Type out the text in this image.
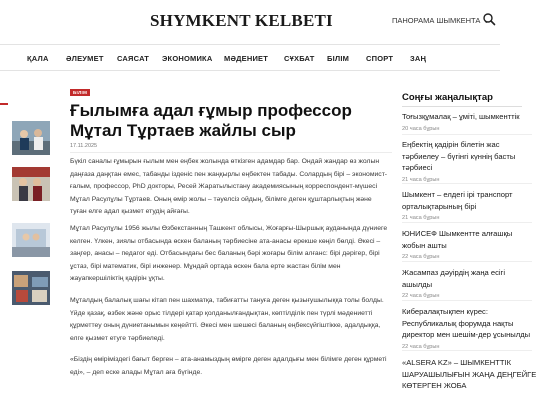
SHYMKENT KELBETI	ПАНОРАМА ШЫМКЕНТА ⌄
ҚАЛА ӘЛЕУМЕТ САЯСАТ ЭКОНОМИКА МӘДЕНИЕТ СҰХБАТ БІЛІМ СПОРТ ЗАҢ
БІЛІМ
Ғылымға адал ғұмыр профессор Мұтал Тұртаев жайлы сыр
17.11.2025

Бүкіл саналы ғұмырын ғылым мен еңбек жолында өткізген адамдар бар. Ондай жандар өз жолын даңғаза даңқтан емес, табанды ізденіс пен жаңқырлы еңбектен табады. Солардың бірі – экономист-ғалым, профессор, PhD докторы, Ресей Жаратылыстану академиясының корреспондент-мүшесі Мұтал Расулұлы Тұртаев. Оның өмір жолы – тәуелсіз ойдың, білімге деген құштарлықтың және туған елге адал қызмет етудің айғағы.

Мұтал Расулұлы 1956 жылы Өзбекстанның Ташкент облысы, Жоғарғы-Шыршық ауданында дүниеге келген. Үлкен, зиялы отбасында өскен баланың тәрбиесіне ата-анасы ерекше көңіл бөлді. Әкесі – заңгер, анасы – педагог еді. Отбасындағы бес баланың бәрі жоғары білім алғанс: бірі дәрігер, бірі ұстаз, бірі математик, бірі инженер. Мұндай ортада өскен бала ерте жастан білім мен жауапкершіліктің қадірін ұқты.

Мұталдың балалық шағы кітап пен шахматқа, табиғатты тануға деген қызығушылыққа толы болды. Үйде қазақ, өзбек және орыс тілдері қатар қолданылғандықтан, көптілділік пен түрлі мәдениетті құрметтеу оның дүниетанымын кеңейтті. Әкесі мен шешесі баланың еңбексүйгіштікке, адалдыққа, елге қызмет етуге тәрбиеледі.

«Біздің өміріміздегі бағыт берген – ата-анамыздың өмірге деген адалдығы мен білімге деген құрметі еді», – деп еске алады Мұтал аға бүгінде.

Соңғы жаңалықтар
Тоғызқұмалақ – ұміті, шымкенттік
20 часа бұрын
Еңбектің қадірін білетін жас
тәрбиелеу – бүгінгі күннің басты
тәрбиесі
21 часа бұрын
Шымкент – елдегі ірі транспорт
орталықтарының бірі
21 часа бұрын
ЮНИСЕФ Шымкентте алғашқы
жобын ашты
22 часа бұрын
Жасампаз дәуірдің жаңа есігі
ашылды
22 часа бұрын
Кибералақтықпен күрес:
Республикалық форумда нақты
директор мен шешім-дер ұсынылды
22 часа бұрын
«ALSERA KZ» – ШЫМКЕНТТІК
ШАРУАШЫЛЫҒЫН ЖАҢА ДЕҢГЕЙГЕ
КӨТЕРГЕН ЖОБА
